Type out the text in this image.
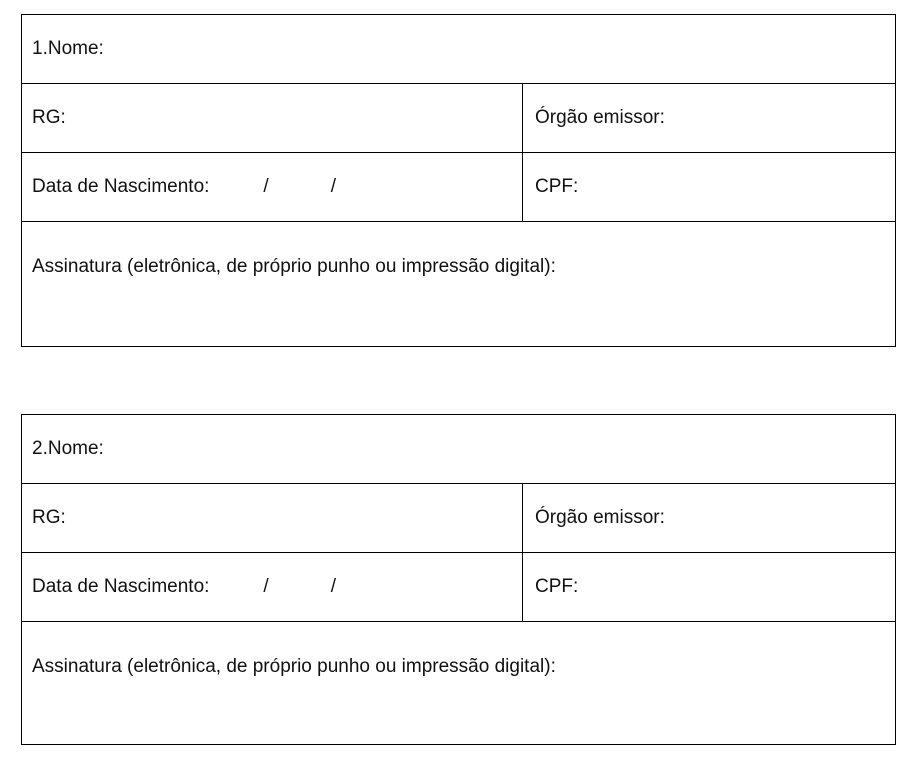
1.Nome:
RG:	Órgão emissor:
Data de Nascimento:	/	/	CPF:
Assinatura (eletrônica, de próprio punho ou impressão digital):
2.Nome:
RG:	Órgão emissor:
Data de Nascimento:	/	/	CPF:
Assinatura (eletrônica, de próprio punho ou impressão digital):
